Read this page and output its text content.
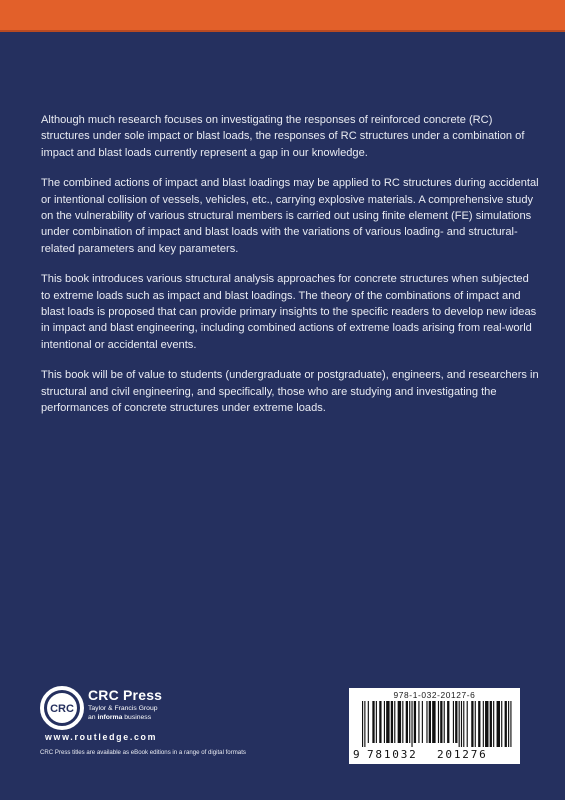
Although much research focuses on investigating the responses of reinforced concrete (RC) structures under sole impact or blast loads, the responses of RC structures under a combination of impact and blast loads currently represent a gap in our knowledge.

The combined actions of impact and blast loadings may be applied to RC structures during accidental or intentional collision of vessels, vehicles, etc., carrying explosive materials. A comprehensive study on the vulnerability of various structural members is carried out using finite element (FE) simulations under combination of impact and blast loads with the variations of various loading- and structural-related parameters and key parameters.

This book introduces various structural analysis approaches for concrete structures when subjected to extreme loads such as impact and blast loadings. The theory of the combinations of impact and blast loads is proposed that can provide primary insights to the specific readers to develop new ideas in impact and blast engineering, including combined actions of extreme loads arising from real-world intentional or accidental events.

This book will be of value to students (undergraduate or postgraduate), engineers, and researchers in structural and civil engineering, and specifically, those who are studying and investigating the performances of concrete structures under extreme loads.

CRC
CRC Press
Taylor & Francis Group
an informa business
www.routledge.com
CRC Press titles are available as eBook editions in a range of digital formats
978-1-032-20127-6
9 781032 201276
